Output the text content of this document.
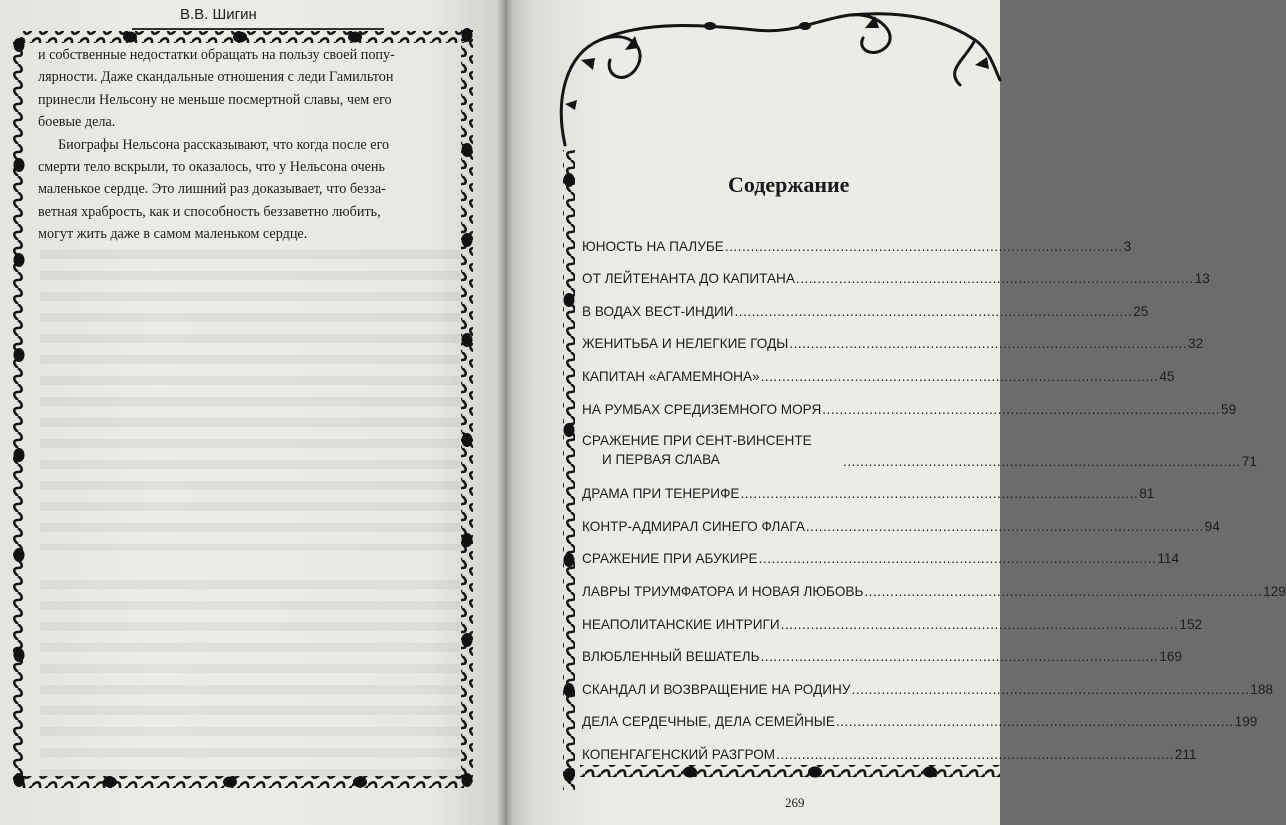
В.В. Шигин

и собственные недостатки обращать на пользу своей попу-
лярности. Даже скандальные отношения с леди Гамильтон
принесли Нельсону не меньше посмертной славы, чем его
боевые дела.

Биографы Нельсона рассказывают, что когда после его
смерти тело вскрыли, то оказалось, что у Нельсона очень
маленькое сердце. Это лишний раз доказывает, что беззa-
ветная храбрость, как и способность беззаветно любить,
могут жить даже в самом маленьком сердце.

Содержание
ЮНОСТЬ НА ПАЛУБЕ ............................................................................................. 3
ОТ ЛЕЙТЕНАНТА ДО КАПИТАНА ............................................................................................. 13
В ВОДАХ ВЕСТ-ИНДИИ ............................................................................................. 25
ЖЕНИТЬБА И НЕЛЕГКИЕ ГОДЫ ............................................................................................. 32
КАПИТАН «АГАМЕМНОНА» ............................................................................................. 45
НА РУМБАХ СРЕДИЗЕМНОГО МОРЯ ............................................................................................. 59
СРАЖЕНИЕ ПРИ СЕНТ-ВИНСЕНТЕ
И ПЕРВАЯ СЛАВА	............................................................................................. 71
ДРАМА ПРИ ТЕНЕРИФЕ ............................................................................................. 81
КОНТР-АДМИРАЛ СИНЕГО ФЛАГА ............................................................................................. 94
СРАЖЕНИЕ ПРИ АБУКИРЕ ............................................................................................. 114
ЛАВРЫ ТРИУМФАТОРА И НОВАЯ ЛЮБОВЬ ............................................................................................. 129
НЕАПОЛИТАНСКИЕ ИНТРИГИ ............................................................................................. 152
ВЛЮБЛЕННЫЙ ВЕШАТЕЛЬ ............................................................................................. 169
СКАНДАЛ И ВОЗВРАЩЕНИЕ НА РОДИНУ ............................................................................................. 188
ДЕЛА СЕРДЕЧНЫЕ, ДЕЛА СЕМЕЙНЫЕ ............................................................................................. 199
КОПЕНГАГЕНСКИЙ РАЗГРОМ ............................................................................................. 211
269
